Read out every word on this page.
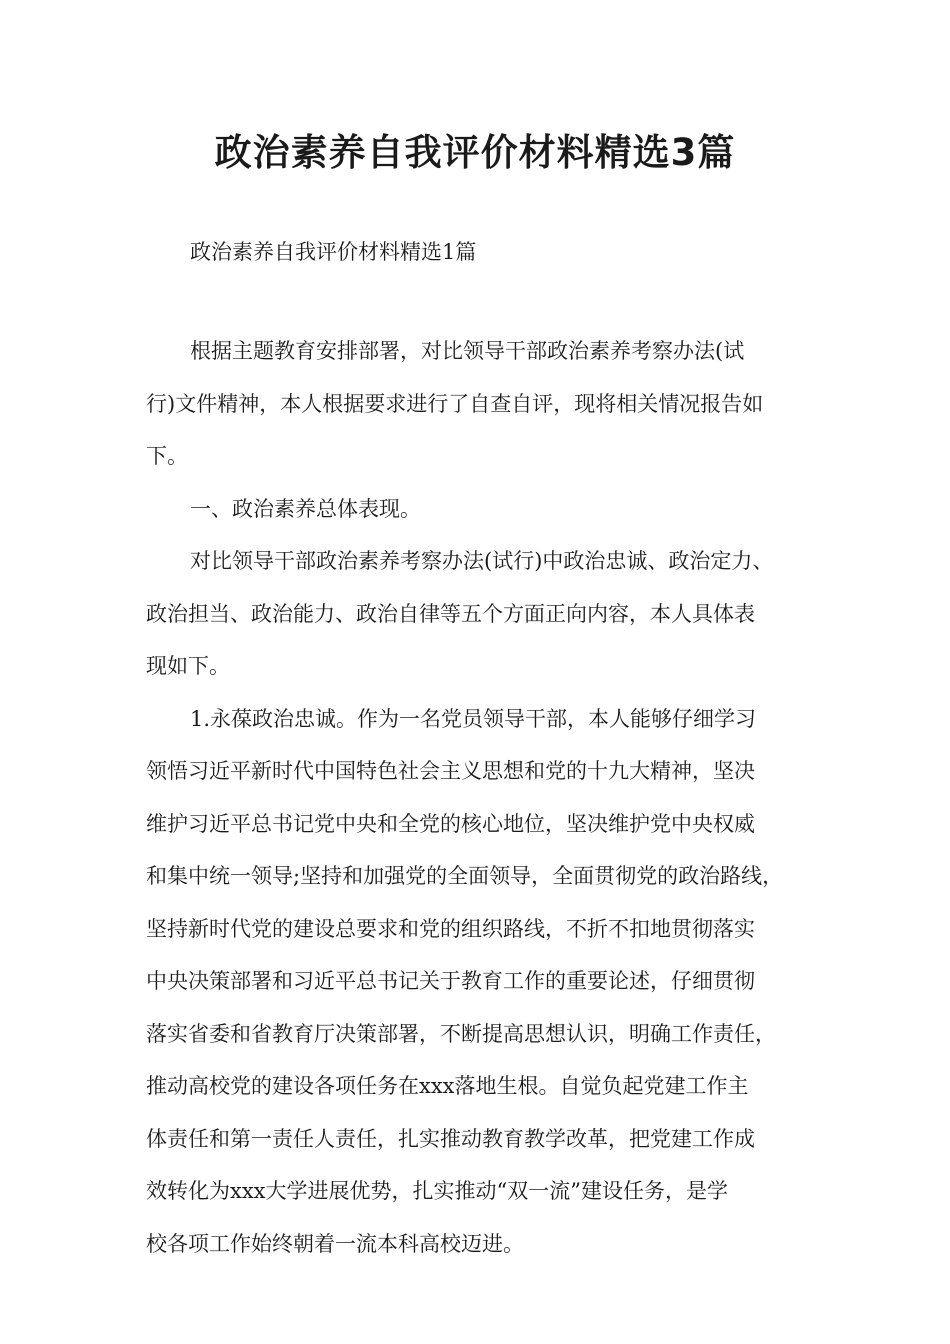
政治素养自我评价材料精选3篇
政治素养自我评价材料精选1篇
根据主题教育安排部署，对比领导干部政治素养考察办法(试
行)文件精神，本人根据要求进行了自查自评，现将相关情况报告如
下。
一、政治素养总体表现。
对比领导干部政治素养考察办法(试行)中政治忠诚、政治定力、
政治担当、政治能力、政治自律等五个方面正向内容，本人具体表
现如下。
1.永葆政治忠诚。作为一名党员领导干部，本人能够仔细学习
领悟习近平新时代中国特色社会主义思想和党的十九大精神，坚决
维护习近平总书记党中央和全党的核心地位，坚决维护党中央权威
和集中统一领导;坚持和加强党的全面领导，全面贯彻党的政治路线，
坚持新时代党的建设总要求和党的组织路线，不折不扣地贯彻落实
中央决策部署和习近平总书记关于教育工作的重要论述，仔细贯彻
落实省委和省教育厅决策部署，不断提高思想认识，明确工作责任，
推动高校党的建设各项任务在xxx落地生根。自觉负起党建工作主
体责任和第一责任人责任，扎实推动教育教学改革，把党建工作成
效转化为xxx大学进展优势，扎实推动“双一流”建设任务，是学
校各项工作始终朝着一流本科高校迈进。
